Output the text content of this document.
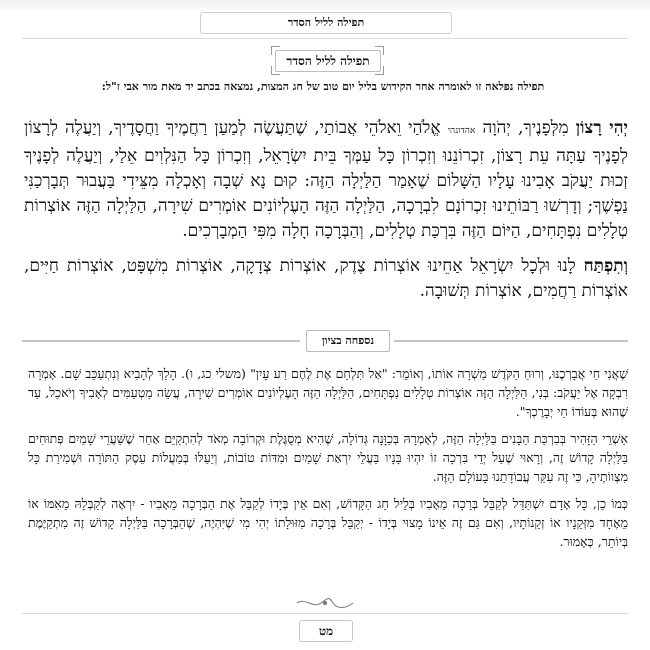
תפילה לליל הסדר
תפילה לליל הסדר
תפילה נפלאה זו לאומרה אחר הקידוש בליל יום טוב של חג המצות, נמצאה בכתב יד מאת מור אבי ז"ל:

יְהִי רָצוֹן מִלְּפָנֶיךָ, יְהֹוָה אהדונהי אֱלֹהַי וֵאלֹהֵי אֲבוֹתַי, שֶׁתַּעֲשֶׂה לְמַעַן רַחֲמֶיךָ וַחֲסָדֶיךָ, וְיַעֲלֶה לְרָצוֹן לְפָנֶיךָ עַתָּה עֵת רָצוֹן, זִכְרוֹנֵנוּ וְזִכְרוֹן כָּל עַמְּךָ בֵּית יִשְׂרָאֵל, וְזִכְרוֹן כָּל הַנִּלְוִים אֵלַי, וְיַעֲלֶה לְפָנֶיךָ זְכוּת יַעֲקֹב אָבִינוּ עָלָיו הַשָּׁלוֹם שֶׁאָמַר הַלַּיְלָה הַזֶּה: קוּם נָא שְׁבָה וְאָכְלָה מִצֵּידִי בַּעֲבוּר תְּבָרְכַנִּי נַפְשֶׁךָ; וְדָרְשׁוּ רַבּוֹתֵינוּ זִכְרוֹנָם לִבְרָכָה, הַלַּיְלָה הַזֶּה הָעֶלְיוֹנִים אוֹמְרִים שִׁירָה, הַלַּיְלָה הַזֶּה אוֹצְרוֹת טְלָלִים נִפְתָּחִים, הַיּוֹם הַזֶּה בִּרְכַּת טְלָלִים, וְהַבְּרָכָה חָלָה מִפִּי הַמְבָרְכִים.

וְתִפְתַּח לָנוּ וּלְכָל יִשְׂרָאֵל אַחֵינוּ אוֹצְרוֹת צֶדֶק, אוֹצְרוֹת צְדָקָה, אוֹצְרוֹת מִשְׁפָּט, אוֹצְרוֹת חַיִּים, אוֹצְרוֹת רַחֲמִים, אוֹצְרוֹת תְּשׁוּבָה.

נספחה בציון

שֶׁאֲנִי חַי אֲבָרְכֶנּוּ, וְרוּחַ הַקֹּדֶשׁ מַשְׁרָה אוֹתוֹ, וְאוֹמֵר: "אַל תִּלְחַם אֶת לֶחֶם רַע עָיִן" (משלי כג, ו). הָלַךְ לְהָבִיא וְנִתְעַכֵּב שָׁם. אָמְרָה רִבְקָה אֶל יַעֲקֹב: בְּנִי, הַלַּיְלָה הַזֶּה אוֹצְרוֹת טְלָלִים נִפְתָּחִים, הַלַּיְלָה הַזֶּה הָעֶלְיוֹנִים אוֹמְרִים שִׁירָה, עֲשֵׂה מַטְעַמִּים לְאָבִיךָ וְיֹאכַל, עַד שֶׁהוּא בְּעוֹדוֹ חַי יְבָרֶכְךָ".

אַשְׁרֵי הַזָּהִיר בְּבִרְכַּת הַבָּנִים בַּלַּיְלָה הַזֶּה, לְאָמְרָהּ בְּכַוָּנָה גְּדוֹלָה, שֶׁהִיא מְסֻגֶּלֶת וּקְרוֹבָה מְאֹד לְהִתְקַיֵּם אַחַר שֶׁשַּׁעֲרֵי שָׁמַיִם פְּתוּחִים בַּלַּיְלָה קָדוֹשׁ זֶה, וְרָאוּי שֶׁעַל יְדֵי בִּרְכָה זוֹ יִהְיוּ בָּנָיו בַּעֲלֵי יִרְאַת שָׁמַיִם וּמִדּוֹת טוֹבוֹת, וְיַעַלּוּ בְּמַעֲלוֹת עֵסֶק הַתּוֹרָה וּשְׁמִירַת כָּל מִצְווֹתֶיהָ, כִּי זֶה עִקַּר עֲבוֹדָתֵנוּ בָּעוֹלָם הַזֶּה.

כְּמוֹ כֵן, כָּל אָדָם יִשְׁתַּדֵּל לְקַבֵּל בְּרָכָה מֵאָבִיו בְּלֵיל חַג הַקָּדוֹשׁ, וְאִם אֵין בְּיָדוֹ לְקַבֵּל אֶת הַבְּרָכָה מֵאָבִיו - יִרְאֶה לְקַבְּלָהּ מֵאִמּוֹ אוֹ מֵאֶחָד מִזְּקֵנָיו אוֹ זְקֵנוֹתָיו, וְאִם גַּם זֶה אֵינוֹ מָצוּי בְּיָדוֹ - יְקַבֵּל בְּרָכָה מִזּוּלָתוֹ יְהִי מִי שֶׁיִּהְיֶה, שֶׁהַבְּרָכָה בַּלַּיְלָה קָדוֹשׁ זֶה מִתְקַיֶּמֶת בְּיוֹתֵר, כְּאָמוּר.

מט
